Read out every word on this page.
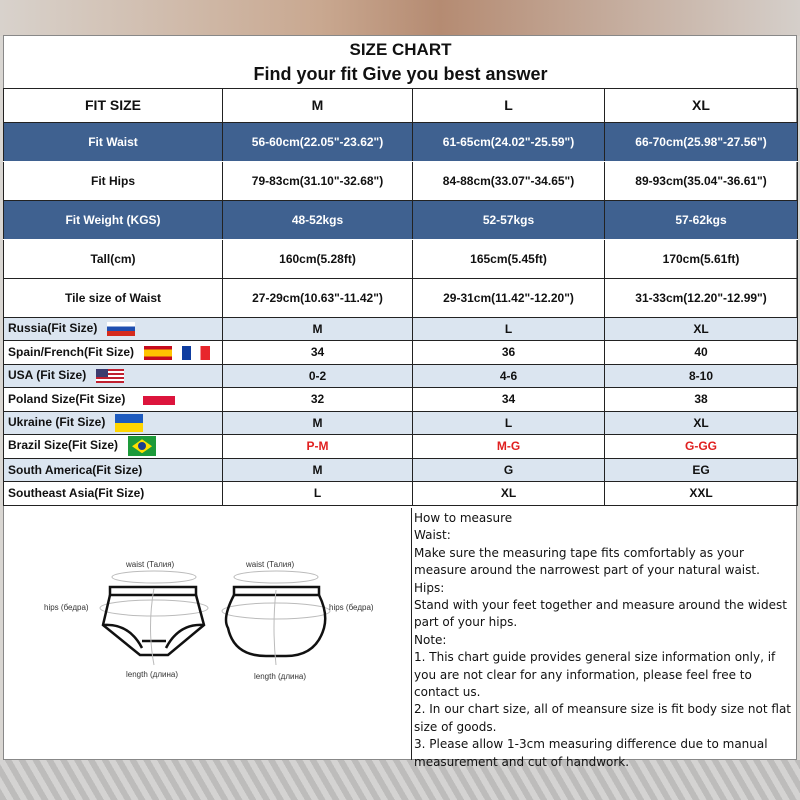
SIZE CHART			
Find your fit Give you best answer			
FIT SIZE	M	L	XL
Fit Waist	56-60cm(22.05"-23.62")	61-65cm(24.02"-25.59")	66-70cm(25.98"-27.56")
Fit Hips	79-83cm(31.10"-32.68")	84-88cm(33.07"-34.65")	89-93cm(35.04"-36.61")
Fit Weight (KGS)	48-52kgs	52-57kgs	57-62kgs
Tall(cm)	160cm(5.28ft)	165cm(5.45ft)	170cm(5.61ft)
Tile size of Waist	27-29cm(10.63"-11.42")	29-31cm(11.42"-12.20")	31-33cm(12.20"-12.99")
Russia(Fit Size)	M	L	XL
Spain/French(Fit Size)	34	36	40
USA (Fit Size)	0-2	4-6	8-10
Poland Size(Fit Size)	32	34	38
Ukraine (Fit Size)	M	L	XL
Brazil Size(Fit Size)	P-M	M-G	G-GG
South America(Fit Size)	M	G	EG
Southeast Asia(Fit Size)	L	XL	XXL
waist (Талия)	waist (Талия)
hips (бедра)	hips (бедра)
length (длина)	length (длина)
How to measure
Waist:
Make sure the measuring tape fits comfortably as your measure around the narrowest part of your natural waist.
Hips:
Stand with your feet together and measure around the widest part of your hips.
Note:
1. This chart guide provides general size information only, if you are not clear for any information, please feel free to contact us.
2. In our chart size, all of meansure size is fit body size not flat size of goods.
3. Please allow 1-3cm measuring difference due to manual measurement and cut of handwork.
